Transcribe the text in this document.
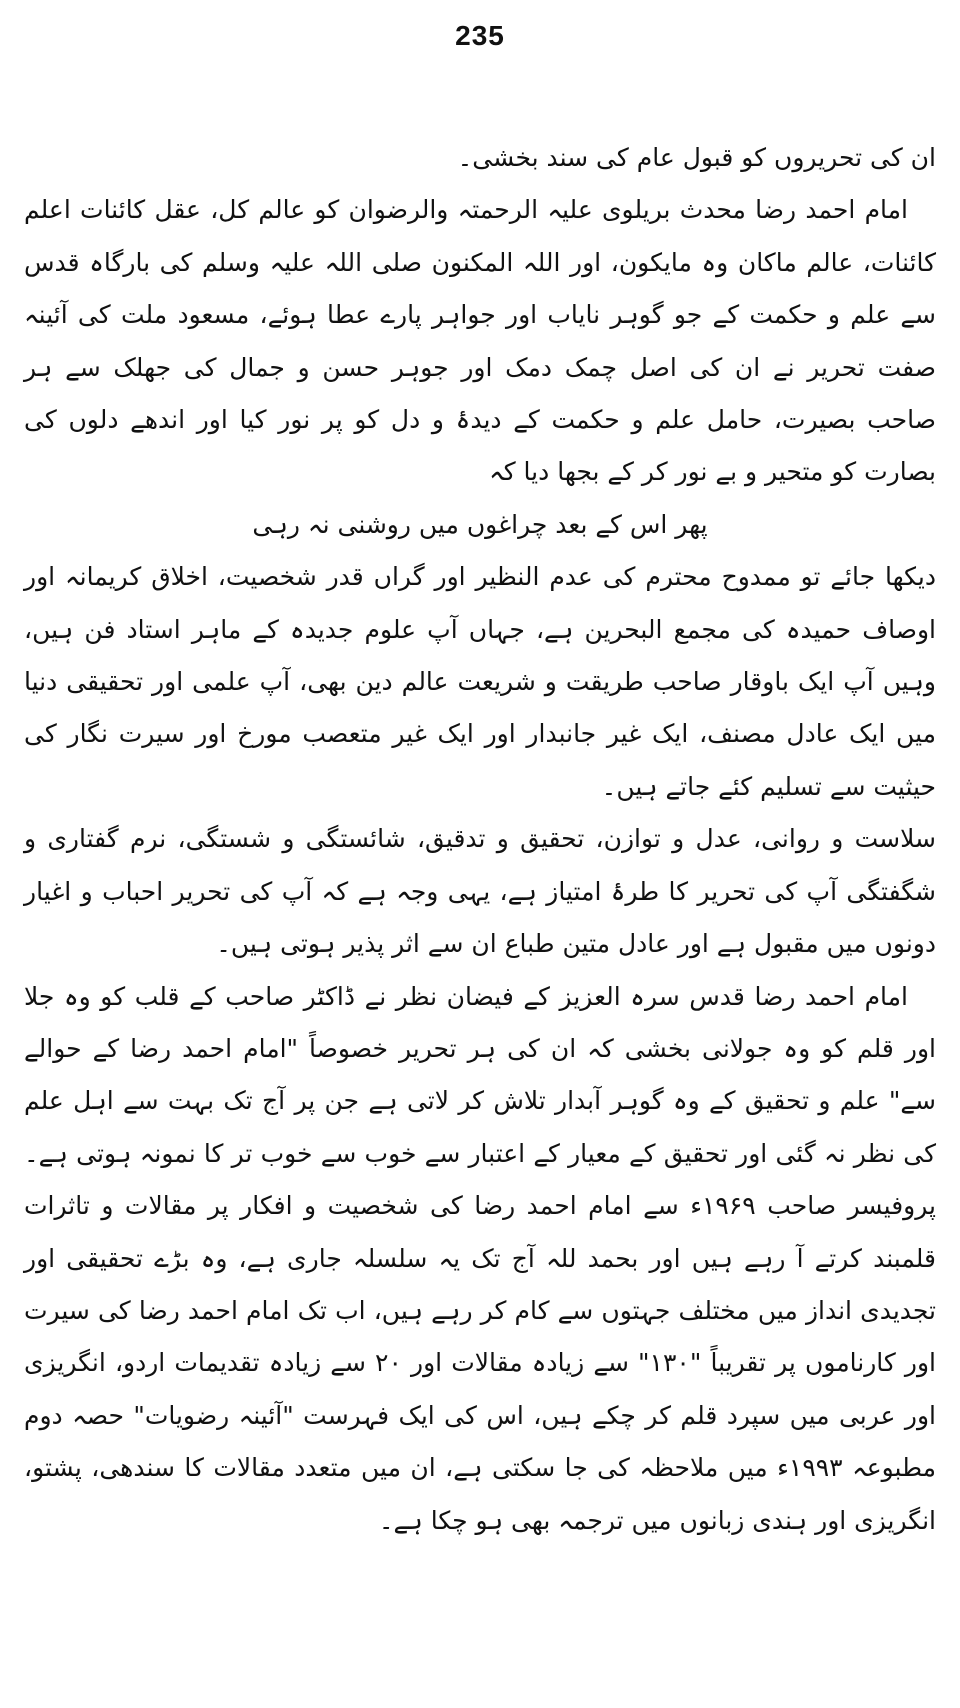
235

ان کی تحریروں کو قبول عام کی سند بخشی۔

امام احمد رضا محدث بریلوی علیہ الرحمتہ والرضوان کو عالم کل، عقل کائنات اعلم کائنات، عالم ماکان وہ مایکون، اور اللہ المکنون صلی اللہ علیہ وسلم کی بارگاہ قدس سے علم و حکمت کے جو گوہر نایاب اور جواہر پارے عطا ہوئے، مسعود ملت کی آئینہ صفت تحریر نے ان کی اصل چمک دمک اور جوہر حسن و جمال کی جھلک سے ہر صاحب بصیرت، حامل علم و حکمت کے دیدۂ و دل کو پر نور کیا اور اندھے دلوں کی بصارت کو متحیر و بے نور کر کے بجھا دیا کہ

پھر اس کے بعد چراغوں میں روشنی نہ رہی

دیکھا جائے تو ممدوح محترم کی عدم النظیر اور گراں قدر شخصیت، اخلاق کریمانہ اور اوصاف حمیدہ کی مجمع البحرین ہے، جہاں آپ علوم جدیدہ کے ماہر استاد فن ہیں، وہیں آپ ایک باوقار صاحب طریقت و شریعت عالم دین بھی، آپ علمی اور تحقیقی دنیا میں ایک عادل مصنف، ایک غیر جانبدار اور ایک غیر متعصب مورخ اور سیرت نگار کی حیثیت سے تسلیم کئے جاتے ہیں۔

سلاست و روانی، عدل و توازن، تحقیق و تدقیق، شائستگی و شستگی، نرم گفتاری و شگفتگی آپ کی تحریر کا طرۂ امتیاز ہے، یہی وجہ ہے کہ آپ کی تحریر احباب و اغیار دونوں میں مقبول ہے اور عادل متین طباع ان سے اثر پذیر ہوتی ہیں۔

امام احمد رضا قدس سرہ العزیز کے فیضان نظر نے ڈاکٹر صاحب کے قلب کو وہ جلا اور قلم کو وہ جولانی بخشی کہ ان کی ہر تحریر خصوصاً "امام احمد رضا کے حوالے سے" علم و تحقیق کے وہ گوہر آبدار تلاش کر لاتی ہے جن پر آج تک بہت سے اہل علم کی نظر نہ گئی اور تحقیق کے معیار کے اعتبار سے خوب سے خوب تر کا نمونہ ہوتی ہے۔ پروفیسر صاحب ۱۹۶۹ء سے امام احمد رضا کی شخصیت و افکار پر مقالات و تاثرات قلمبند کرتے آ رہے ہیں اور بحمد للہ آج تک یہ سلسلہ جاری ہے، وہ بڑے تحقیقی اور تجدیدی انداز میں مختلف جہتوں سے کام کر رہے ہیں، اب تک امام احمد رضا کی سیرت اور کارناموں پر تقریباً "۱۳۰" سے زیادہ مقالات اور ۲۰ سے زیادہ تقدیمات اردو، انگریزی اور عربی میں سپرد قلم کر چکے ہیں، اس کی ایک فہرست "آئینہ رضویات" حصہ دوم مطبوعہ ۱۹۹۳ء میں ملاحظہ کی جا سکتی ہے، ان میں متعدد مقالات کا سندھی، پشتو، انگریزی اور ہندی زبانوں میں ترجمہ بھی ہو چکا ہے۔
